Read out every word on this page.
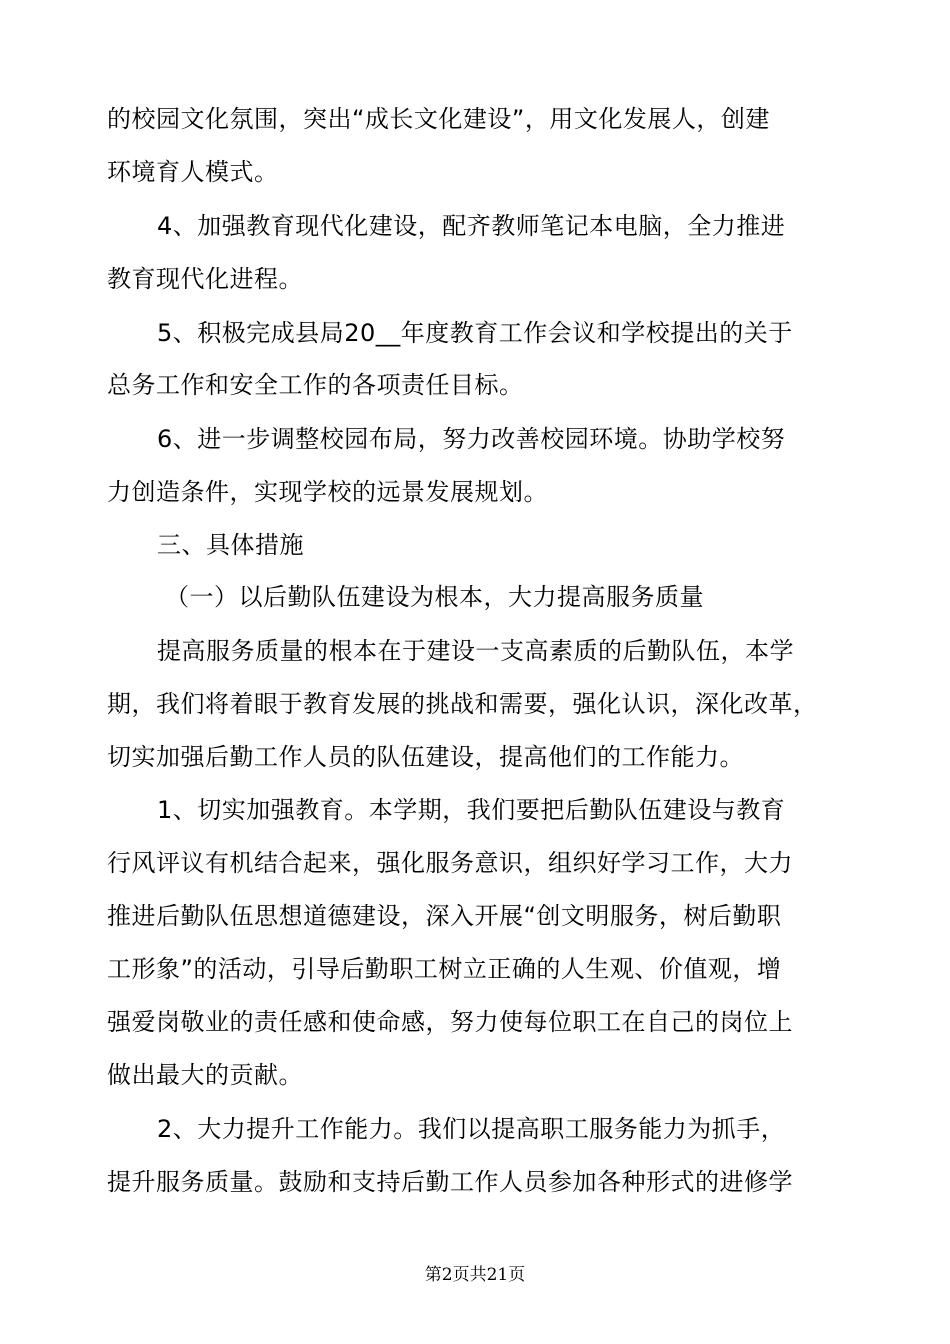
的校园文化氛围，突出“成长文化建设”，用文化发展人，创建
环境育人模式。
4、加强教育现代化建设，配齐教师笔记本电脑，全力推进
教育现代化进程。
5、积极完成县局20__年度教育工作会议和学校提出的关于
总务工作和安全工作的各项责任目标。
6、进一步调整校园布局，努力改善校园环境。协助学校努
力创造条件，实现学校的远景发展规划。
三、具体措施
（一）以后勤队伍建设为根本，大力提高服务质量
提高服务质量的根本在于建设一支高素质的后勤队伍，本学
期，我们将着眼于教育发展的挑战和需要，强化认识，深化改革，
切实加强后勤工作人员的队伍建设，提高他们的工作能力。
1、切实加强教育。本学期，我们要把后勤队伍建设与教育
行风评议有机结合起来，强化服务意识，组织好学习工作，大力
推进后勤队伍思想道德建设，深入开展“创文明服务，树后勤职
工形象”的活动，引导后勤职工树立正确的人生观、价值观，增
强爱岗敬业的责任感和使命感，努力使每位职工在自己的岗位上
做出最大的贡献。
2、大力提升工作能力。我们以提高职工服务能力为抓手，
提升服务质量。鼓励和支持后勤工作人员参加各种形式的进修学
第2页共21页
